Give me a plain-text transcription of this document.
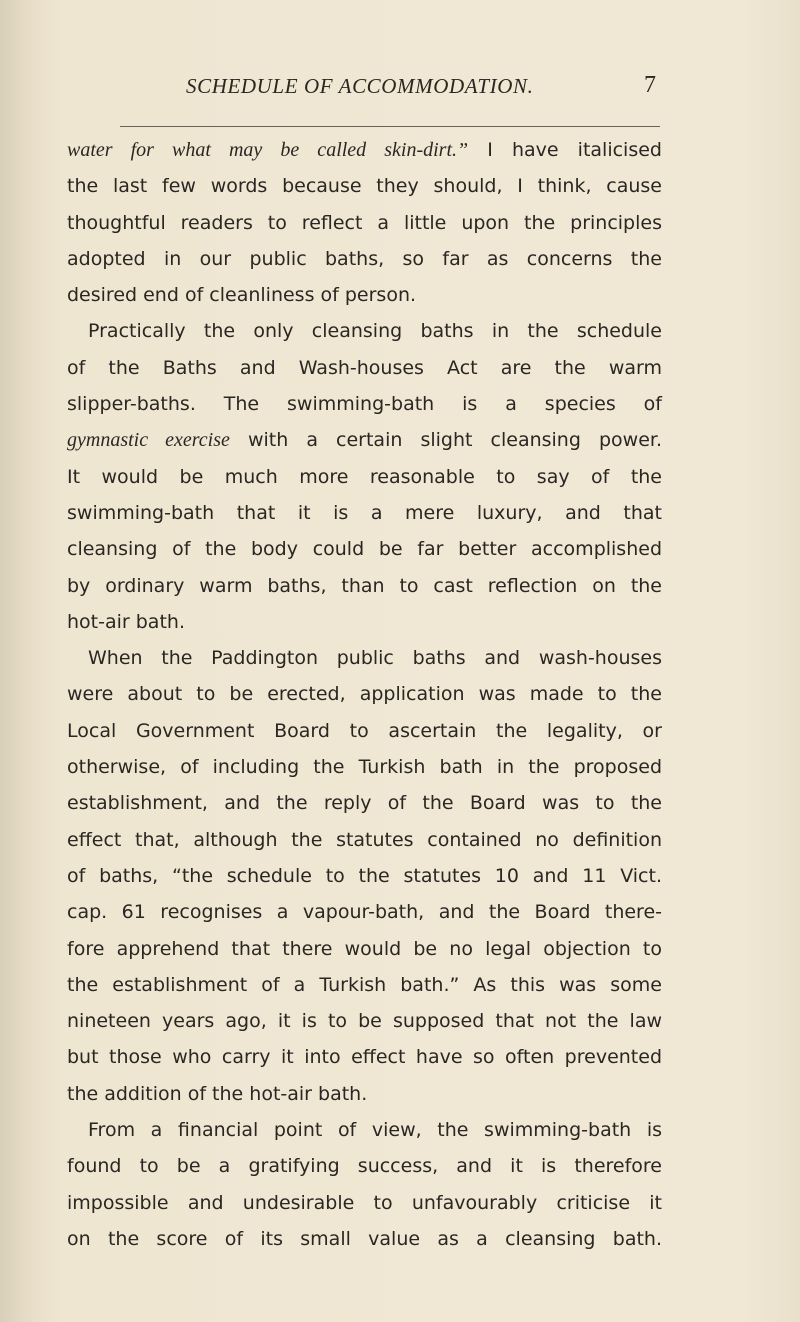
SCHEDULE OF ACCOMMODATION.	7
water for what may be called skin-dirt.” I have italicised
the last few words because they should, I think, cause
thoughtful readers to reflect a little upon the principles
adopted in our public baths, so far as concerns the
desired end of cleanliness of person.
Practically the only cleansing baths in the schedule
of the Baths and Wash-houses Act are the warm
slipper-baths. The swimming-bath is a species of
gymnastic exercise with a certain slight cleansing power.
It would be much more reasonable to say of the
swimming-bath that it is a mere luxury, and that
cleansing of the body could be far better accomplished
by ordinary warm baths, than to cast reflection on the
hot-air bath.
When the Paddington public baths and wash-houses
were about to be erected, application was made to the
Local Government Board to ascertain the legality, or
otherwise, of including the Turkish bath in the proposed
establishment, and the reply of the Board was to the
effect that, although the statutes contained no definition
of baths, “the schedule to the statutes 10 and 11 Vict.
cap. 61 recognises a vapour-bath, and the Board there-
fore apprehend that there would be no legal objection to
the establishment of a Turkish bath.” As this was some
nineteen years ago, it is to be supposed that not the law
but those who carry it into effect have so often prevented
the addition of the hot-air bath.
From a financial point of view, the swimming-bath is
found to be a gratifying success, and it is therefore
impossible and undesirable to unfavourably criticise it
on the score of its small value as a cleansing bath.
